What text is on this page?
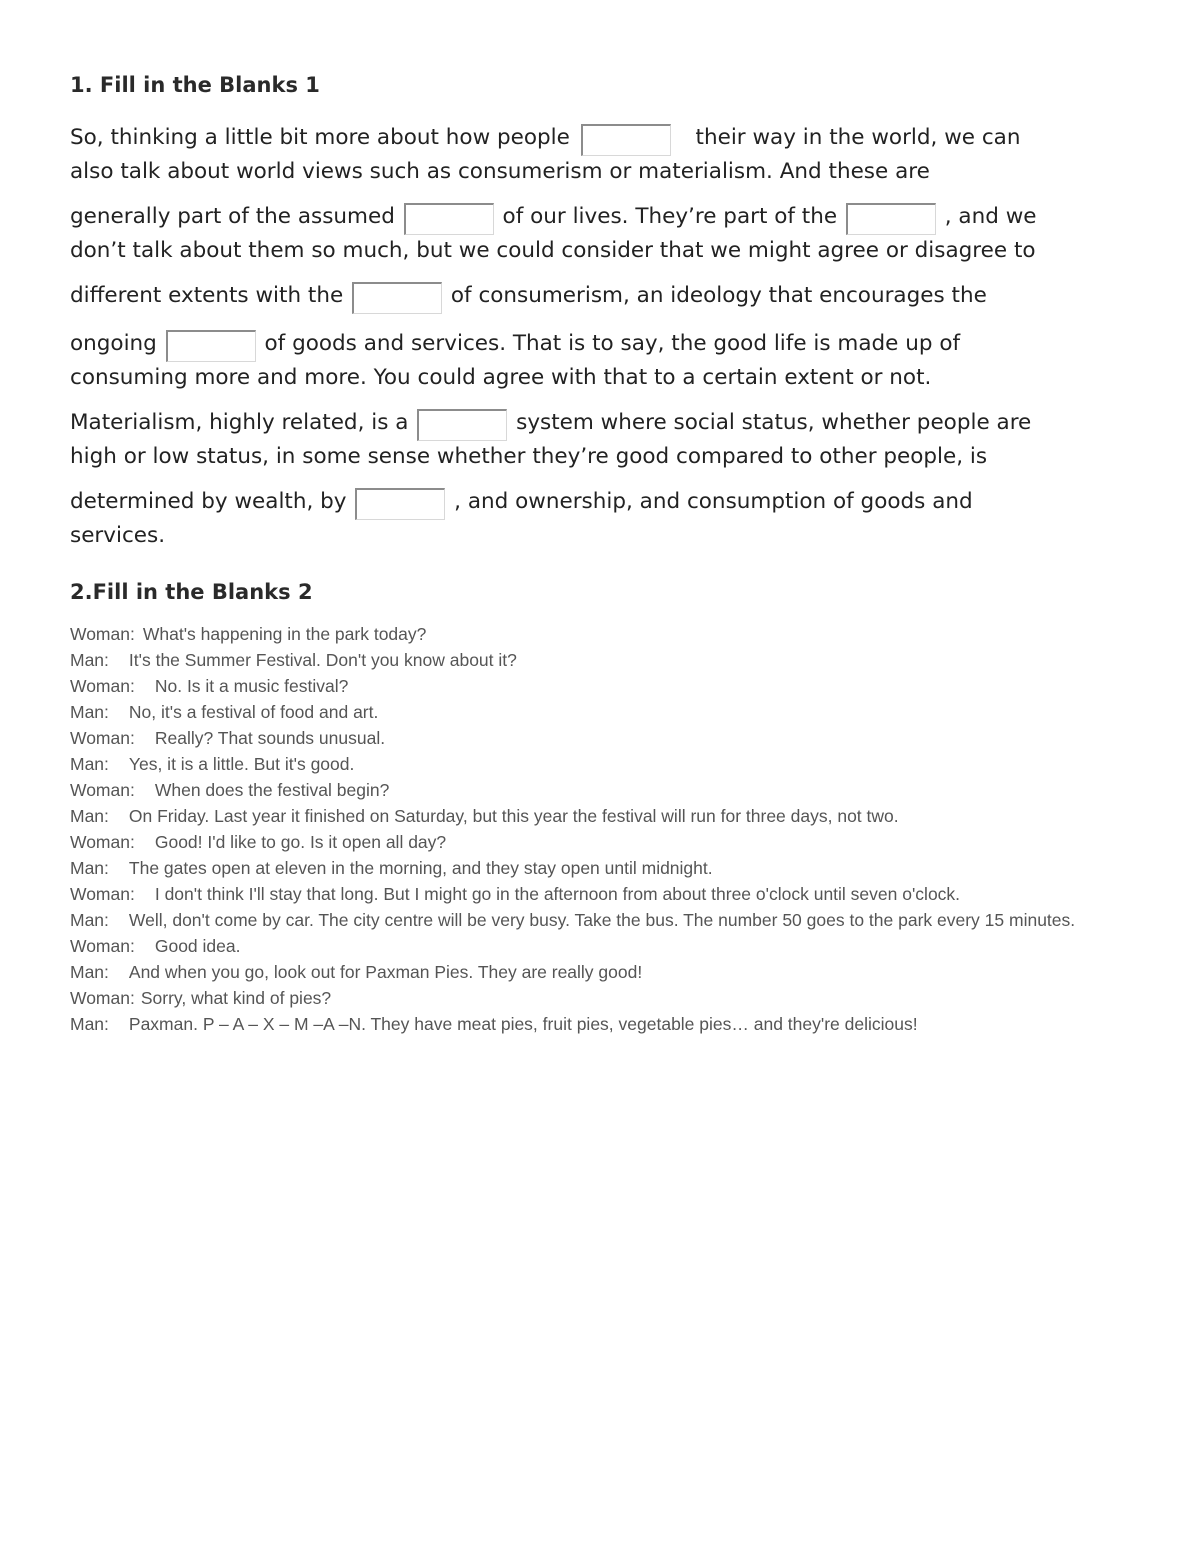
1. Fill in the Blanks 1
So, thinking a little bit more about how people	their way in the world, we can
also talk about world views such as consumerism or materialism. And these are
generally part of the assumed	of our lives. They’re part of the	, and we
don’t talk about them so much, but we could consider that we might agree or disagree to
different extents with the	of consumerism, an ideology that encourages the
ongoing	of goods and services. That is to say, the good life is made up of
consuming more and more. You could agree with that to a certain extent or not.
Materialism, highly related, is a	system where social status, whether people are
high or low status, in some sense whether they’re good compared to other people, is
determined by wealth, by	, and ownership, and consumption of goods and
services.
2.Fill in the Blanks 2
Woman: What's happening in the park today?
Man: It's the Summer Festival. Don't you know about it?
Woman: No. Is it a music festival?
Man: No, it's a festival of food and art.
Woman: Really? That sounds unusual.
Man: Yes, it is a little. But it's good.
Woman: When does the festival begin?
Man: On Friday. Last year it finished on Saturday, but this year the festival will run for three days, not two.
Woman: Good! I'd like to go. Is it open all day?
Man: The gates open at eleven in the morning, and they stay open until midnight.
Woman: I don't think I'll stay that long. But I might go in the afternoon from about three o'clock until seven o'clock.
Man: Well, don't come by car. The city centre will be very busy. Take the bus. The number 50 goes to the park every 15 minutes.
Woman: Good idea.
Man: And when you go, look out for Paxman Pies. They are really good!
Woman: Sorry, what kind of pies?
Man: Paxman. P – A – X – M –A –N. They have meat pies, fruit pies, vegetable pies… and they're delicious!
